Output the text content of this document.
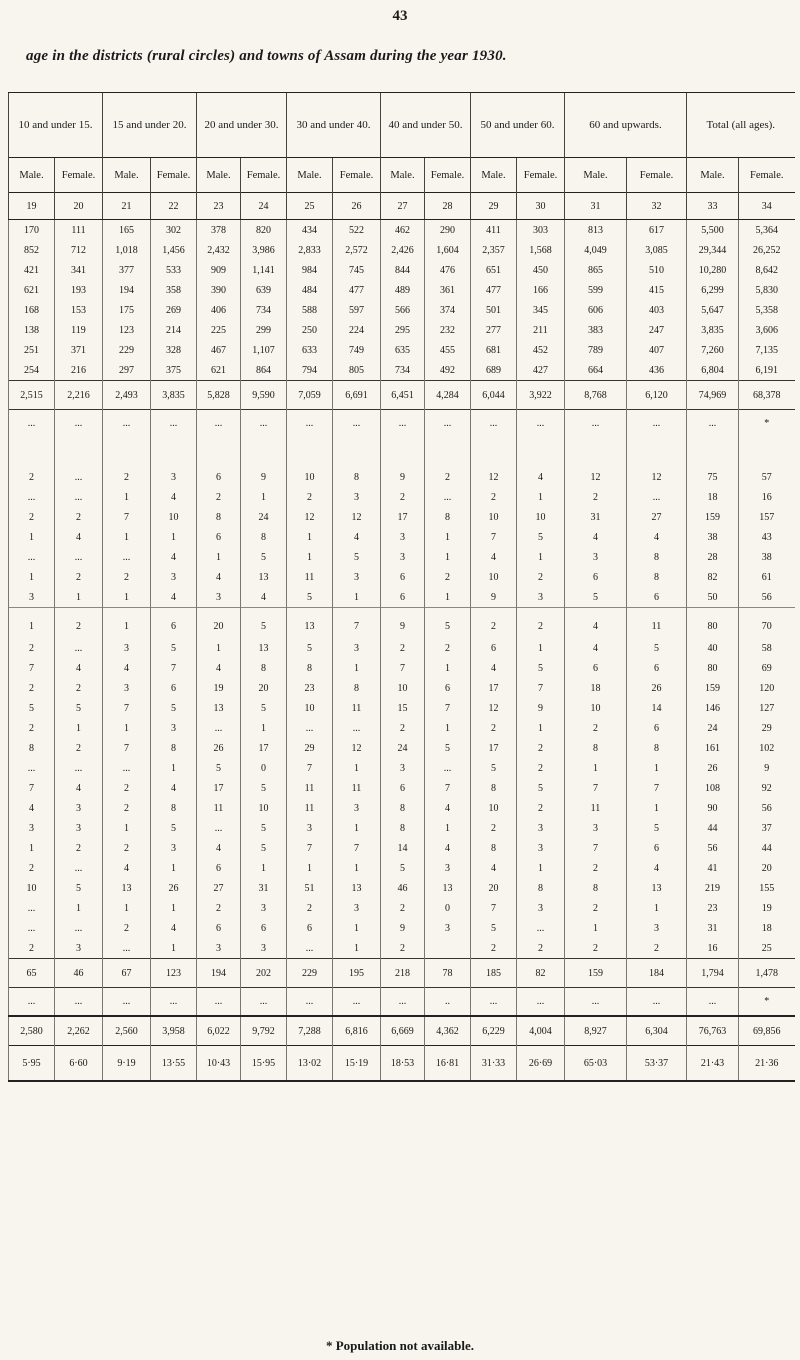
43
age in the districts (rural circles) and towns of Assam during the year 1930.
10 and under 15.		15 and under 20.		20 and under 30.		30 and under 40.		40 and under 50.		50 and under 60.		60 and upwards.		Total (all ages).	
Male.	Female.	Male.	Female.	Male.	Female.	Male.	Female.	Male.	Female.	Male.	Female.	Male.	Female.	Male.	Female.
19	20	21	22	23	24	25	26	27	28	29	30	31	32	33	34
170	111	165	302	378	820	434	522	462	290	411	303	813	617	5,500	5,364
852	712	1,018	1,456	2,432	3,986	2,833	2,572	2,426	1,604	2,357	1,568	4,049	3,085	29,344	26,252
421	341	377	533	909	1,141	984	745	844	476	651	450	865	510	10,280	8,642
621	193	194	358	390	639	484	477	489	361	477	166	599	415	6,299	5,830
168	153	175	269	406	734	588	597	566	374	501	345	606	403	5,647	5,358
138	119	123	214	225	299	250	224	295	232	277	211	383	247	3,835	3,606
251	371	229	328	467	1,107	633	749	635	455	681	452	789	407	7,260	7,135
254	216	297	375	621	864	794	805	734	492	689	427	664	436	6,804	6,191
2,515	2,216	2,493	3,835	5,828	9,590	7,059	6,691	6,451	4,284	6,044	3,922	8,768	6,120	74,969	68,378
...	...	...	...	...	...	...	...	...	...	...	...	...	...	...	*
2	...	2	3	6	9	10	8	9	2	12	4	12	12	75	57
...	...	1	4	2	1	2	3	2	...	2	1	2	...	18	16
2	2	7	10	8	24	12	12	17	8	10	10	31	27	159	157
1	4	1	1	6	8	1	4	3	1	7	5	4	4	38	43
...	...	...	4	1	5	1	5	3	1	4	1	3	8	28	38
1	2	2	3	4	13	11	3	6	2	10	2	6	8	82	61
3	1	1	4	3	4	5	1	6	1	9	3	5	6	50	56
1	2	1	6	20	5	13	7	9	5	2	2	4	11	80	70
2	...	3	5	1	13	5	3	2	2	6	1	4	5	40	58
7	4	4	7	4	8	8	1	7	1	4	5	6	6	80	69
2	2	3	6	19	20	23	8	10	6	17	7	18	26	159	120
5	5	7	5	13	5	10	11	15	7	12	9	10	14	146	127
2	1	1	3	...	1	...	...	2	1	2	1	2	6	24	29
8	2	7	8	26	17	29	12	24	5	17	2	8	8	161	102
...	...	...	1	5	0	7	1	3	...	5	2	1	1	26	9
7	4	2	4	17	5	11	11	6	7	8	5	7	7	108	92
4	3	2	8	11	10	11	3	8	4	10	2	11	1	90	56
3	3	1	5	...	5	3	1	8	1	2	3	3	5	44	37
1	2	2	3	4	5	7	7	14	4	8	3	7	6	56	44
2	...	4	1	6	1	1	1	5	3	4	1	2	4	41	20
10	5	13	26	27	31	51	13	46	13	20	8	8	13	219	155
...	1	1	1	2	3	2	3	2	0	7	3	2	1	23	19
...	...	2	4	6	6	6	1	9	3	5	...	1	3	31	18
2	3	...	1	3	3	...	1	2		2	2	2	2	16	25
65	46	67	123	194	202	229	195	218	78	185	82	159	184	1,794	1,478
...	...	...	...	...	...	...	...	...	..	...	...	...	...	...	*
2,580	2,262	2,560	3,958	6,022	9,792	7,288	6,816	6,669	4,362	6,229	4,004	8,927	6,304	76,763	69,856
5·95	6·60	9·19	13·55	10·43	15·95	13·02	15·19	18·53	16·81	31·33	26·69	65·03	53·37	21·43	21·36
* Population not available.
